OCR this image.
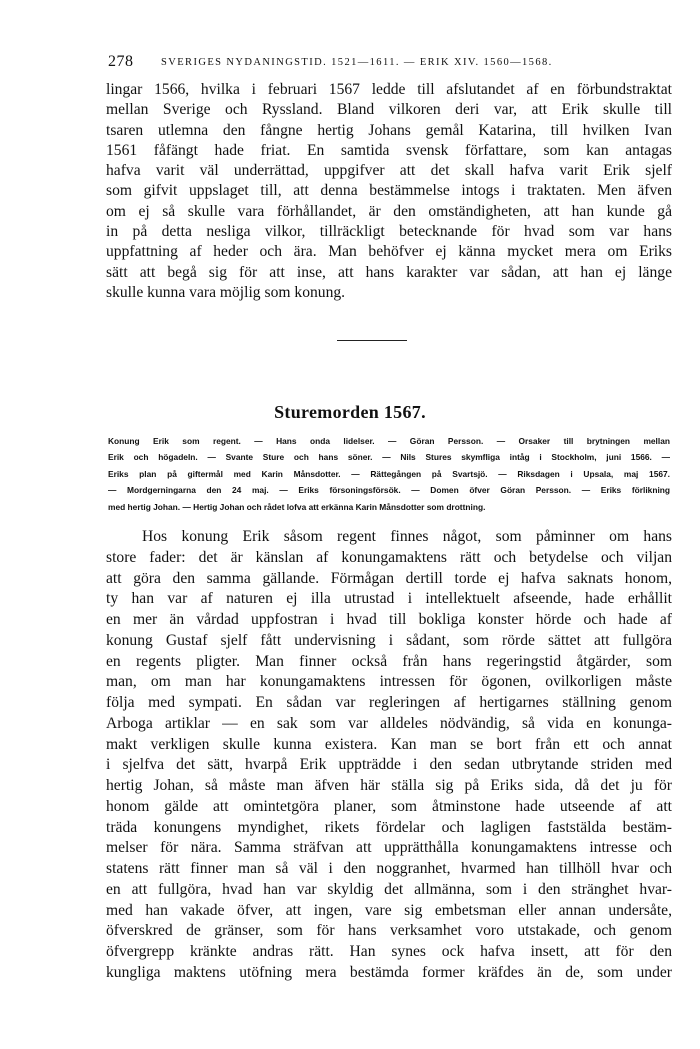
278	SVERIGES NYDANINGSTID. 1521—1611. — ERIK XIV. 1560—1568.
lingar 1566, hvilka i februari 1567 ledde till afslutandet af en förbundstraktat
mellan Sverige och Ryssland. Bland vilkoren deri var, att Erik skulle till
tsaren utlemna den fångne hertig Johans gemål Katarina, till hvilken Ivan
1561 fåfängt hade friat. En samtida svensk författare, som kan antagas
hafva varit väl underrättad, uppgifver att det skall hafva varit Erik sjelf
som gifvit uppslaget till, att denna bestämmelse intogs i traktaten. Men äfven
om ej så skulle vara förhållandet, är den omständigheten, att han kunde gå
in på detta nesliga vilkor, tillräckligt betecknande för hvad som var hans
uppfattning af heder och ära. Man behöfver ej känna mycket mera om Eriks
sätt att begå sig för att inse, att hans karakter var sådan, att han ej länge
skulle kunna vara möjlig som konung.
Sturemorden 1567.
Konung Erik som regent. — Hans onda lidelser. — Göran Persson. — Orsaker till brytningen mellan
Erik och högadeln. — Svante Sture och hans söner. — Nils Stures skymfliga intåg i Stockholm, juni 1566. —
Eriks plan på giftermål med Karin Månsdotter. — Rättegången på Svartsjö. — Riksdagen i Upsala, maj 1567.
— Mordgerningarna den 24 maj. — Eriks försoningsförsök. — Domen öfver Göran Persson. — Eriks förlikning
med hertig Johan. — Hertig Johan och rådet lofva att erkänna Karin Månsdotter som drottning.
Hos konung Erik såsom regent finnes något, som påminner om hans
store fader: det är känslan af konungamaktens rätt och betydelse och viljan
att göra den samma gällande. Förmågan dertill torde ej hafva saknats honom,
ty han var af naturen ej illa utrustad i intellektuelt afseende, hade erhållit
en mer än vårdad uppfostran i hvad till bokliga konster hörde och hade af
konung Gustaf sjelf fått undervisning i sådant, som rörde sättet att fullgöra
en regents pligter. Man finner också från hans regeringstid åtgärder, som
man, om man har konungamaktens intressen för ögonen, ovilkorligen måste
följa med sympati. En sådan var regleringen af hertigarnes ställning genom
Arboga artiklar — en sak som var alldeles nödvändig, så vida en konunga-
makt verkligen skulle kunna existera. Kan man se bort från ett och annat
i sjelfva det sätt, hvarpå Erik uppträdde i den sedan utbrytande striden med
hertig Johan, så måste man äfven här ställa sig på Eriks sida, då det ju för
honom gälde att omintetgöra planer, som åtminstone hade utseende af att
träda konungens myndighet, rikets fördelar och lagligen faststälda bestäm-
melser för nära. Samma sträfvan att upprätthålla konungamaktens intresse och
statens rätt finner man så väl i den noggranhet, hvarmed han tillhöll hvar och
en att fullgöra, hvad han var skyldig det allmänna, som i den stränghet hvar-
med han vakade öfver, att ingen, vare sig embetsman eller annan undersåte,
öfverskred de gränser, som för hans verksamhet voro utstakade, och genom
öfvergrepp kränkte andras rätt. Han synes ock hafva insett, att för den
kungliga maktens utöfning mera bestämda former kräfdes än de, som under
